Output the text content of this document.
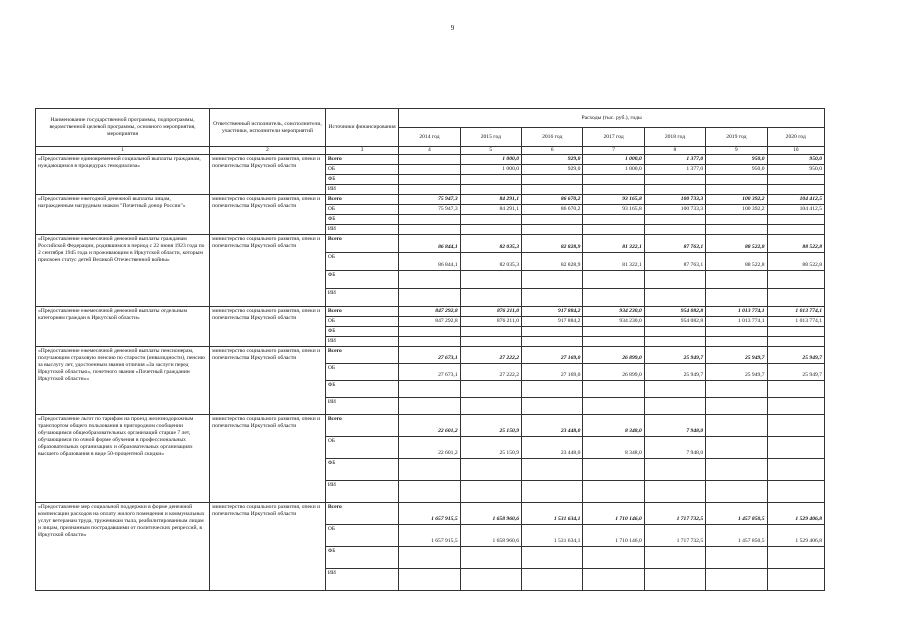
9
Наименование государственной программы, подпрограммы, ведомственной целевой программы, основного мероприятия, мероприятия	Ответственный исполнитель, соисполнители, участники, исполнители мероприятий	Источники финансирования	Расходы (тыс. руб.), годы						
			2014 год	2015 год	2016 год	2017 год	2018 год	2019 год	2020 год
1	2	3	4	5	6	7	8	9	10
«Предоставление единовременной социальной выплаты гражданам, нуждающимся в процедурах гемодиализа»	министерство социального развития, опеки и попечительства Иркутской области	Всего		1 000,0	929,0	1 000,0	1 377,0	950,0	950,0
		ОБ		1 000,0	929,0	1 000,0	1 377,0	950,0	950,0
		ФБ							
		ИИ							
«Предоставление ежегодной денежной выплаты лицам, награжденным нагрудным знаком "Почетный донор России"»	министерство социального развития, опеки и попечительства Иркутской области	Всего	75 947,3	84 291,1	86 670,2	93 165,8	100 733,3	100 392,2	104 412,5
		ОБ	75 947,3	84 291,1	86 670,2	93 165,8	100 733,3	100 392,2	104 412,5
		ФБ							
		ИИ							
«Предоставление ежемесячной денежной выплаты гражданам Российской Федерации, родившимся в период с 22 июня 1923 года по 2 сентября 1945 года и проживающим в Иркутской области, которым присвоен статус детей Великой Отечественной войны»	министерство социального развития, опеки и попечительства Иркутской области	Всего	86 844,1	82 035,3	82 828,9	81 322,1	87 763,1	88 522,8	88 522,8
		ОБ	86 844,1	82 035,3	82 828,9	81 322,1	87 763,1	88 522,8	88 522,8
		ФБ							
		ИИ							
«Предоставление ежемесячной денежной выплаты отдельным категориям граждан в Иркутской области»	министерство социального развития, опеки и попечительства Иркутской области	Всего	847 292,8	876 211,0	917 884,2	934 230,0	954 082,8	1 013 774,1	1 013 774,1
		ОБ	847 292,8	876 211,0	917 884,2	934 230,0	954 082,8	1 013 774,1	1 013 774,1
		ФБ							
		ИИ							
«Предоставление ежемесячной денежной выплаты пенсионерам, получающим страховую пенсию по старости (инвалидности), пенсию за выслугу лет, удостоенным звания отличия «За заслуги перед Иркутской областью», почетного звания «Почетный гражданин Иркутской области»»	министерство социального развития, опеки и попечительства Иркутской области	Всего	27 673,1	27 222,2	27 169,0	26 899,0	25 949,7	25 949,7	25 949,7
		ОБ	27 673,1	27 222,2	27 169,0	26 899,0	25 949,7	25 949,7	25 949,7
		ФБ							
		ИИ							
«Предоставление льгот по тарифам на проезд железнодорожным транспортом общего пользования в пригородном сообщении обучающимся общеобразовательных организаций старше 7 лет, обучающимся по очной форме обучения в профессиональных образовательных организациях и образовательных организациях высшего образования в виде 50-процентной скидки»	министерство социального развития, опеки и попечительства Иркутской области	Всего	22 601,2	25 150,9	23 448,0	8 348,0	7 948,0		
		ОБ	22 601,2	25 150,9	23 448,0	8 348,0	7 948,0		
		ФБ							
		ИИ							
«Предоставление мер социальной поддержки в форме денежной компенсации расходов на оплату жилого помещения и коммунальных услуг ветеранам труда, труженикам тыла, реабилитированным лицам и лицам, признанным пострадавшими от политических репрессий, в Иркутской области»	министерство социального развития, опеки и попечительства Иркутской области	Всего	1 657 915,5	1 658 960,6	1 531 634,1	1 710 146,0	1 717 732,5	1 457 850,5	1 529 406,8
		ОБ	1 657 915,5	1 658 960,6	1 531 634,1	1 710 146,0	1 717 732,5	1 457 850,5	1 529 406,8
		ФБ							
		ИИ							
